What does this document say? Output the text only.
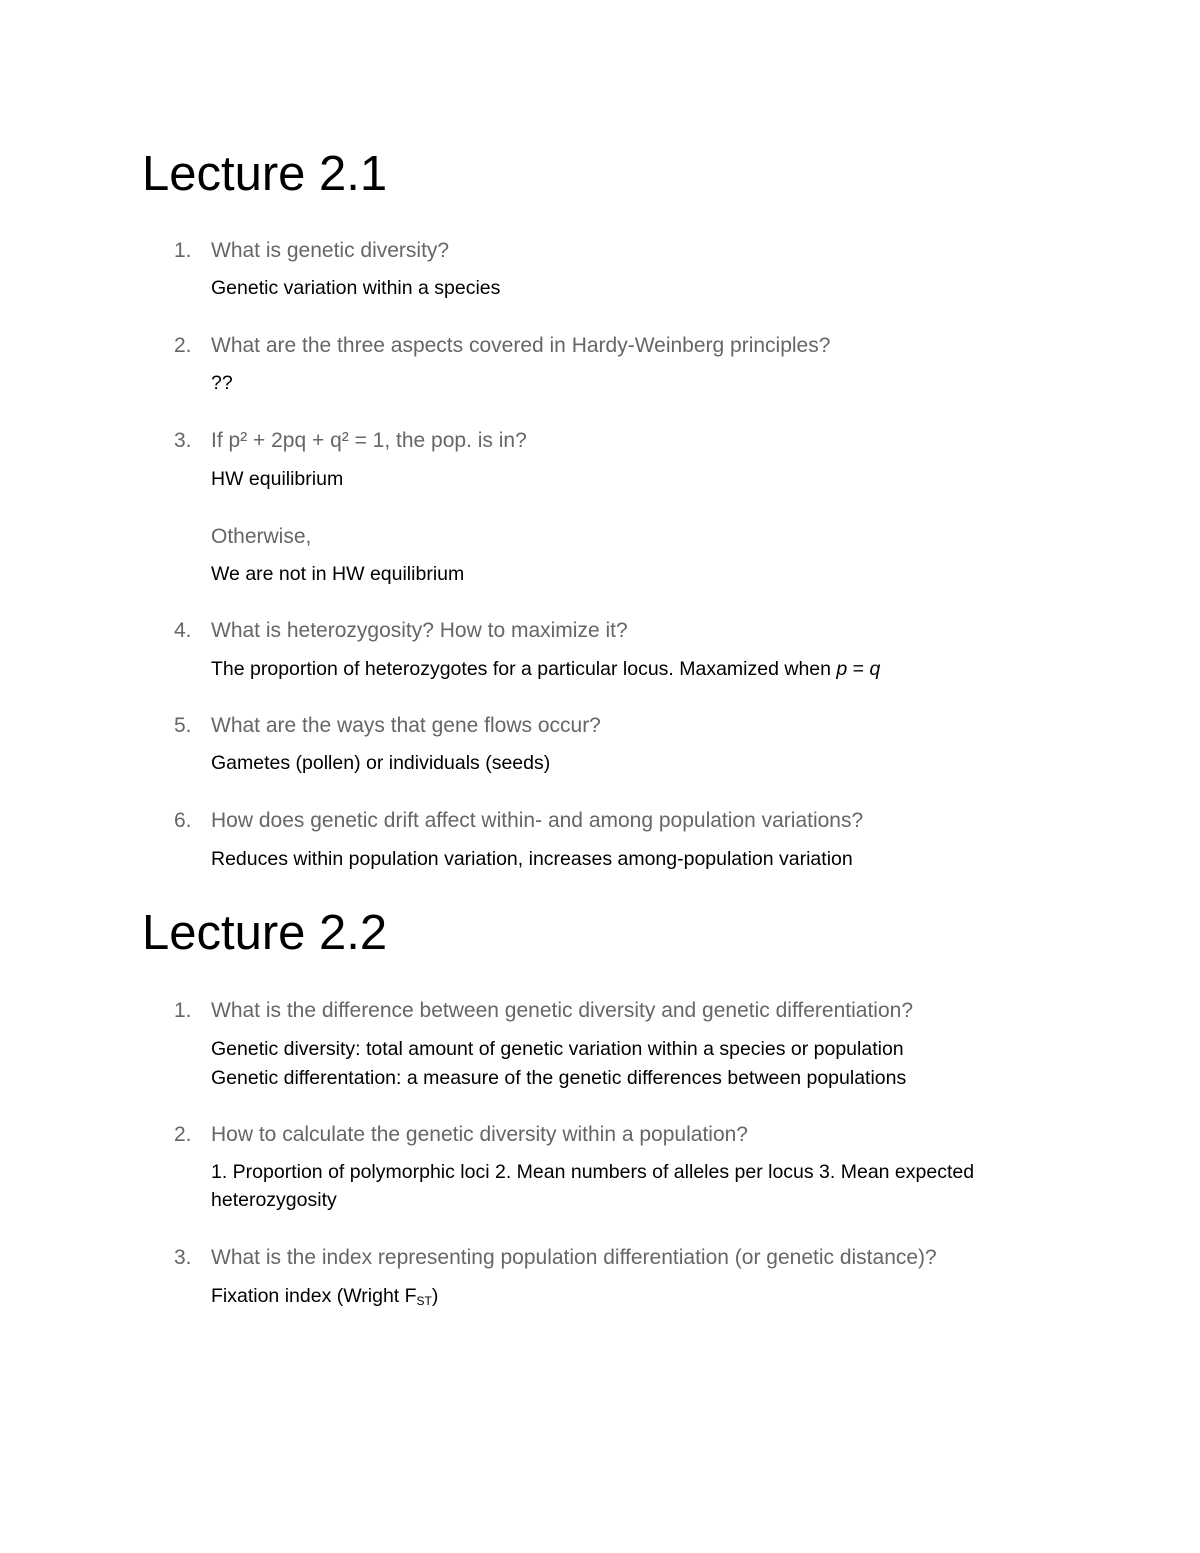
Lecture 2.1
1. What is genetic diversity?
Genetic variation within a species
2. What are the three aspects covered in Hardy-Weinberg principles?
??
3. If p² + 2pq + q² = 1, the pop. is in?
HW equilibrium
Otherwise,
We are not in HW equilibrium
4. What is heterozygosity? How to maximize it?
The proportion of heterozygotes for a particular locus. Maxamized when p = q
5. What are the ways that gene flows occur?
Gametes (pollen) or individuals (seeds)
6. How does genetic drift affect within- and among population variations?
Reduces within population variation, increases among-population variation
Lecture 2.2
1. What is the difference between genetic diversity and genetic differentiation?
Genetic diversity: total amount of genetic variation within a species or population
Genetic differentation: a measure of the genetic differences between populations
2. How to calculate the genetic diversity within a population?
1. Proportion of polymorphic loci 2. Mean numbers of alleles per locus 3. Mean expected heterozygosity
3. What is the index representing population differentiation (or genetic distance)?
Fixation index (Wright $F_{ST}$)
